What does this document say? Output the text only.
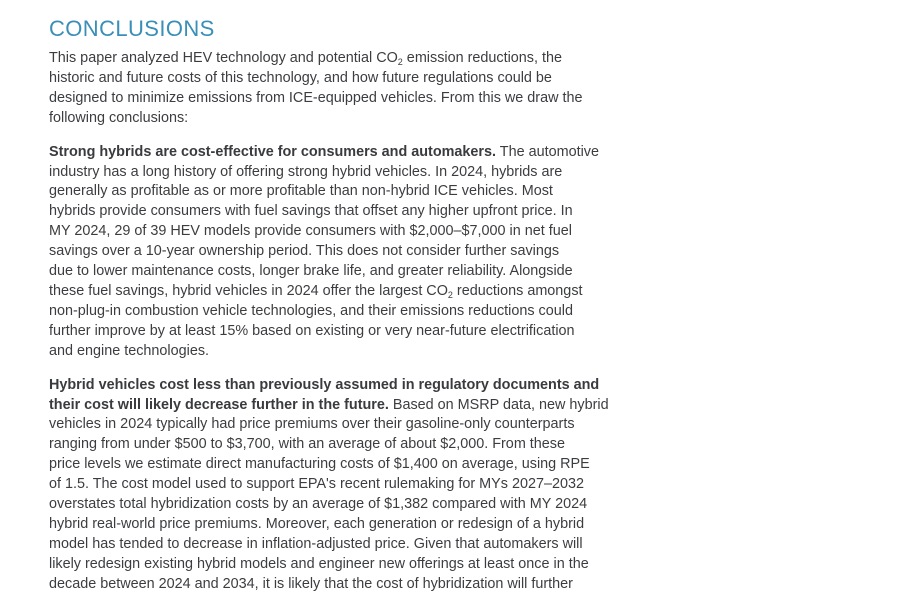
CONCLUSIONS

This paper analyzed HEV technology and potential $CO_2$ emission reductions, the
historic and future costs of this technology, and how future regulations could be
designed to minimize emissions from ICE-equipped vehicles. From this we draw the
following conclusions:

Strong hybrids are cost-effective for consumers and automakers. The automotive
industry has a long history of offering strong hybrid vehicles. In 2024, hybrids are
generally as profitable as or more profitable than non-hybrid ICE vehicles. Most
hybrids provide consumers with fuel savings that offset any higher upfront price. In
MY 2024, 29 of 39 HEV models provide consumers with $2,000–$7,000 in net fuel
savings over a 10-year ownership period. This does not consider further savings
due to lower maintenance costs, longer brake life, and greater reliability. Alongside
these fuel savings, hybrid vehicles in 2024 offer the largest $CO_2$ reductions amongst
non-plug-in combustion vehicle technologies, and their emissions reductions could
further improve by at least 15% based on existing or very near-future electrification
and engine technologies.

Hybrid vehicles cost less than previously assumed in regulatory documents and
their cost will likely decrease further in the future. Based on MSRP data, new hybrid
vehicles in 2024 typically had price premiums over their gasoline-only counterparts
ranging from under $500 to $3,700, with an average of about $2,000. From these
price levels we estimate direct manufacturing costs of $1,400 on average, using RPE
of 1.5. The cost model used to support EPA's recent rulemaking for MYs 2027–2032
overstates total hybridization costs by an average of $1,382 compared with MY 2024
hybrid real-world price premiums. Moreover, each generation or redesign of a hybrid
model has tended to decrease in inflation-adjusted price. Given that automakers will
likely redesign existing hybrid models and engineer new offerings at least once in the
decade between 2024 and 2034, it is likely that the cost of hybridization will further
